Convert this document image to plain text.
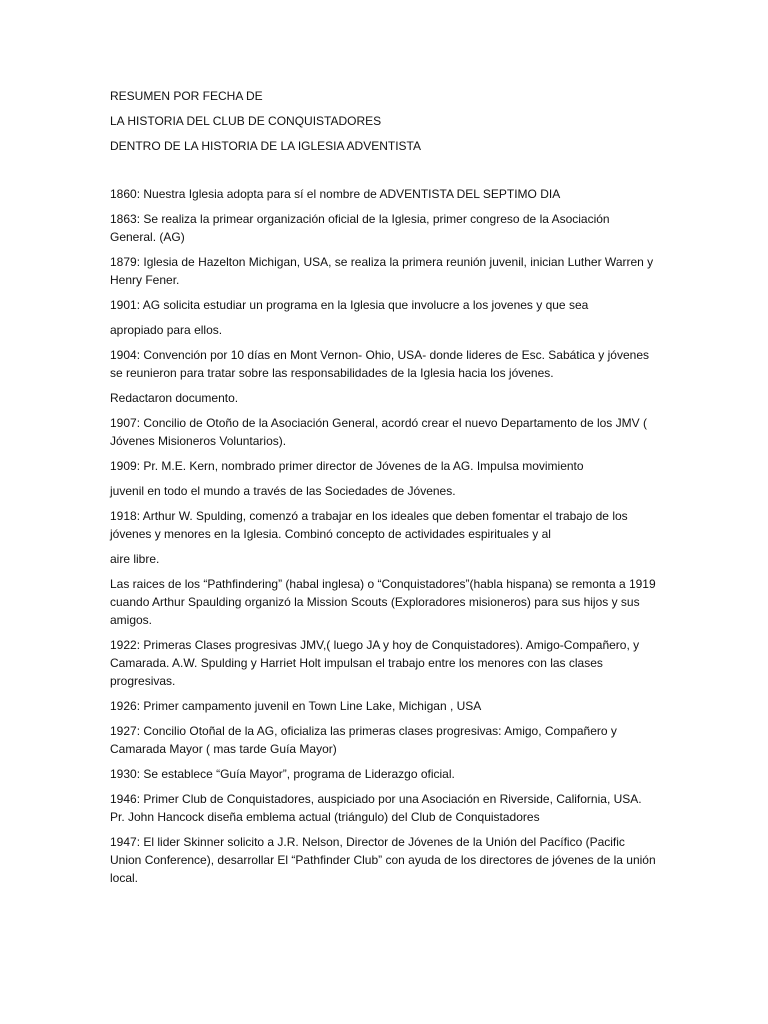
RESUMEN POR FECHA DE

LA HISTORIA DEL CLUB DE CONQUISTADORES

DENTRO DE LA HISTORIA DE LA IGLESIA ADVENTISTA

1860: Nuestra Iglesia adopta para sí el nombre de ADVENTISTA DEL SEPTIMO DIA

1863: Se realiza la primear organización oficial de la Iglesia, primer congreso de la Asociación General. (AG)

1879: Iglesia de Hazelton Michigan, USA, se realiza la primera reunión juvenil, inician Luther Warren y Henry Fener.

1901: AG solicita estudiar un programa en la Iglesia que involucre a los jovenes y que sea

apropiado para ellos.

1904: Convención por 10 días en Mont Vernon- Ohio, USA- donde lideres de Esc. Sabática y jóvenes se reunieron para tratar sobre las responsabilidades de la Iglesia hacia los jóvenes.

Redactaron documento.

1907: Concilio de Otoño de la Asociación General, acordó crear el nuevo Departamento de los JMV ( Jóvenes Misioneros Voluntarios).

1909: Pr. M.E. Kern, nombrado primer director de Jóvenes de la AG. Impulsa movimiento

juvenil en todo el mundo a través de las Sociedades de Jóvenes.

1918: Arthur W. Spulding, comenzó a trabajar en los ideales que deben fomentar el trabajo de los jóvenes y menores en la Iglesia. Combinó concepto de actividades espirituales y al

aire libre.

Las raices de los “Pathfindering” (habal inglesa) o “Conquistadores”(habla hispana) se remonta a 1919 cuando Arthur Spaulding organizó la Mission Scouts (Exploradores misioneros) para sus hijos y sus amigos.

1922: Primeras Clases progresivas JMV,( luego JA y hoy de Conquistadores). Amigo-Compañero, y Camarada. A.W. Spulding y Harriet Holt impulsan el trabajo entre los menores con las clases progresivas.

1926: Primer campamento juvenil en Town Line Lake, Michigan , USA

1927: Concilio Otoñal de la AG, oficializa las primeras clases progresivas: Amigo, Compañero y Camarada Mayor ( mas tarde Guía Mayor)

1930: Se establece “Guía Mayor”, programa de Liderazgo oficial.

1946: Primer Club de Conquistadores, auspiciado por una Asociación en Riverside, California, USA. Pr. John Hancock diseña emblema actual (triángulo) del Club de Conquistadores

1947: El lider Skinner solicito a J.R. Nelson, Director de Jóvenes de la Unión del Pacífico (Pacific Union Conference), desarrollar El “Pathfinder Club” con ayuda de los directores de jóvenes de la unión local.
